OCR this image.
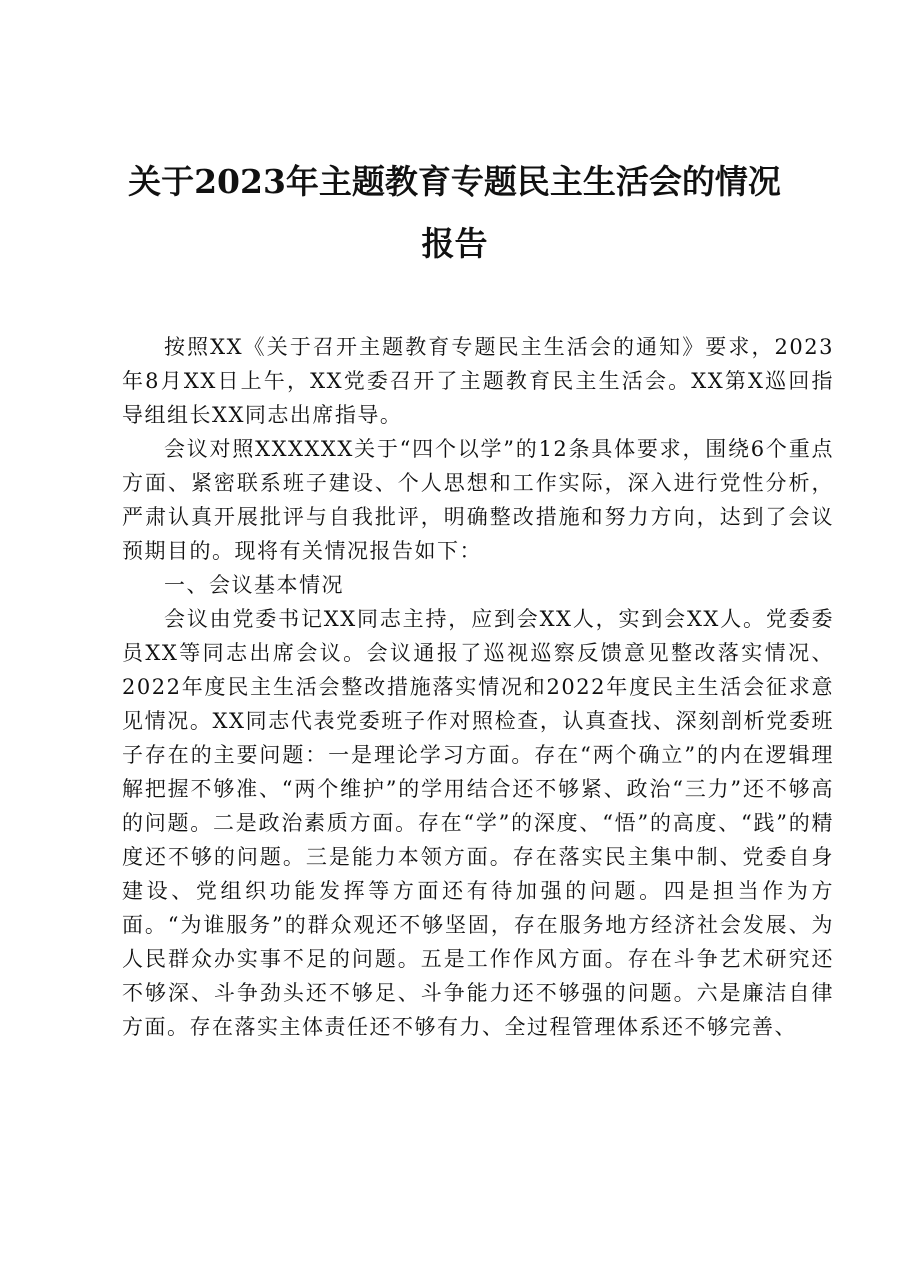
关于2023年主题教育专题民主生活会的情况
报告

按照XX《关于召开主题教育专题民主生活会的通知》要求，2023年8月XX日上午，XX党委召开了主题教育民主生活会。XX第X巡回指导组组长XX同志出席指导。

会议对照XXXXXX关于“四个以学”的12条具体要求，围绕6个重点方面、紧密联系班子建设、个人思想和工作实际，深入进行党性分析，严肃认真开展批评与自我批评，明确整改措施和努力方向，达到了会议预期目的。现将有关情况报告如下：

一、会议基本情况

会议由党委书记XX同志主持，应到会XX人，实到会XX人。党委委员XX等同志出席会议。会议通报了巡视巡察反馈意见整改落实情况、2022年度民主生活会整改措施落实情况和2022年度民主生活会征求意见情况。XX同志代表党委班子作对照检查，认真查找、深刻剖析党委班子存在的主要问题：一是理论学习方面。存在“两个确立”的内在逻辑理解把握不够准、“两个维护”的学用结合还不够紧、政治“三力”还不够高的问题。二是政治素质方面。存在“学”的深度、“悟”的高度、“践”的精度还不够的问题。三是能力本领方面。存在落实民主集中制、党委自身建设、党组织功能发挥等方面还有待加强的问题。四是担当作为方面。“为谁服务”的群众观还不够坚固，存在服务地方经济社会发展、为人民群众办实事不足的问题。五是工作作风方面。存在斗争艺术研究还不够深、斗争劲头还不够足、斗争能力还不够强的问题。六是廉洁自律方面。存在落实主体责任还不够有力、全过程管理体系还不够完善、
